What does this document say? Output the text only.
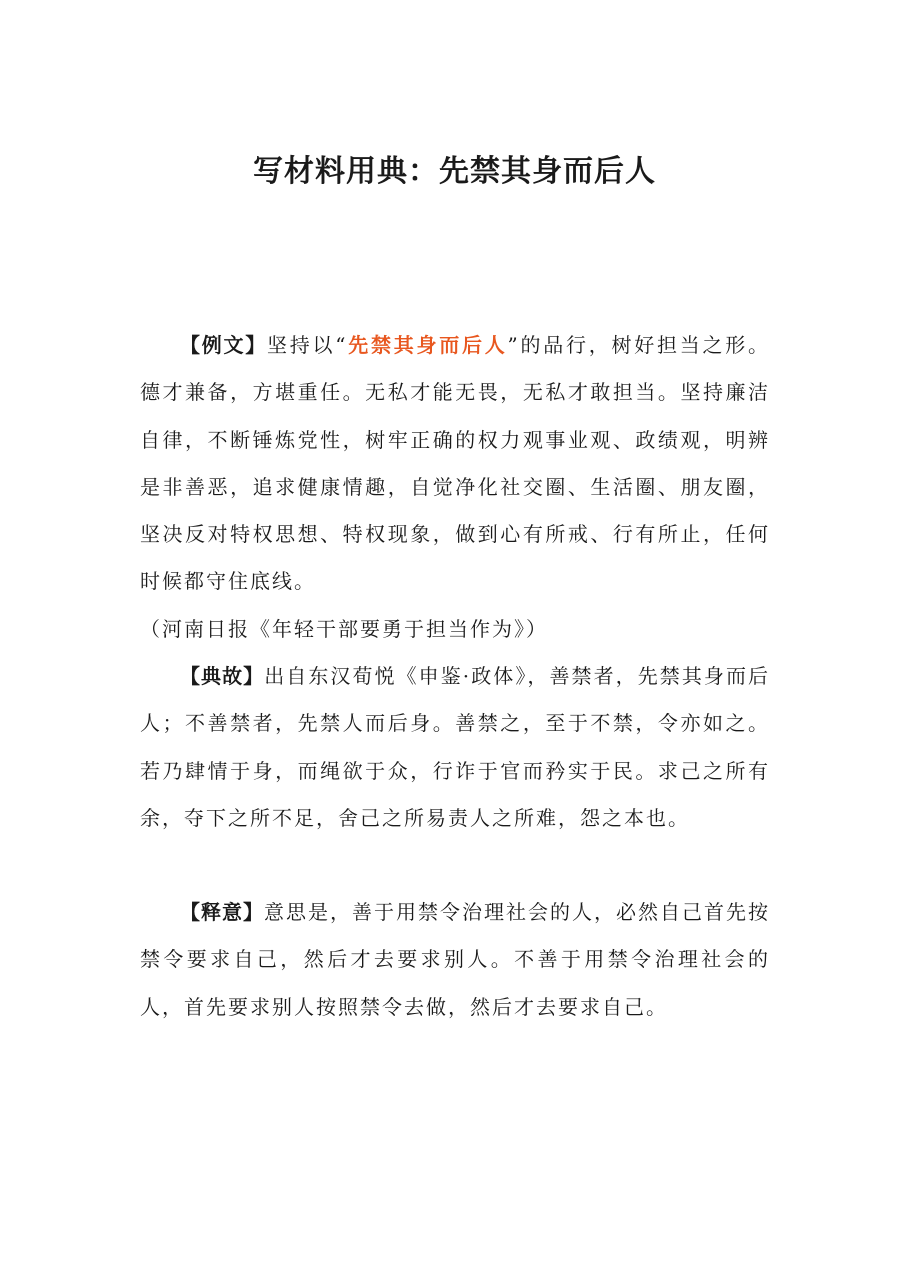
写材料用典：先禁其身而后人

【例文】坚持以“先禁其身而后人”的品行，树好担当之形。德才兼备，方堪重任。无私才能无畏，无私才敢担当。坚持廉洁自律，不断锤炼党性，树牢正确的权力观事业观、政绩观，明辨是非善恶，追求健康情趣，自觉净化社交圈、生活圈、朋友圈，坚决反对特权思想、特权现象，做到心有所戒、行有所止，任何时候都守住底线。
（河南日报《年轻干部要勇于担当作为》）

【典故】出自东汉荀悦《申鉴·政体》，善禁者，先禁其身而后人；不善禁者，先禁人而后身。善禁之，至于不禁，令亦如之。若乃肆情于身，而绳欲于众，行诈于官而矜实于民。求己之所有余，夺下之所不足，舍己之所易责人之所难，怨之本也。

【释意】意思是，善于用禁令治理社会的人，必然自己首先按禁令要求自己，然后才去要求别人。不善于用禁令治理社会的人，首先要求别人按照禁令去做，然后才去要求自己。
